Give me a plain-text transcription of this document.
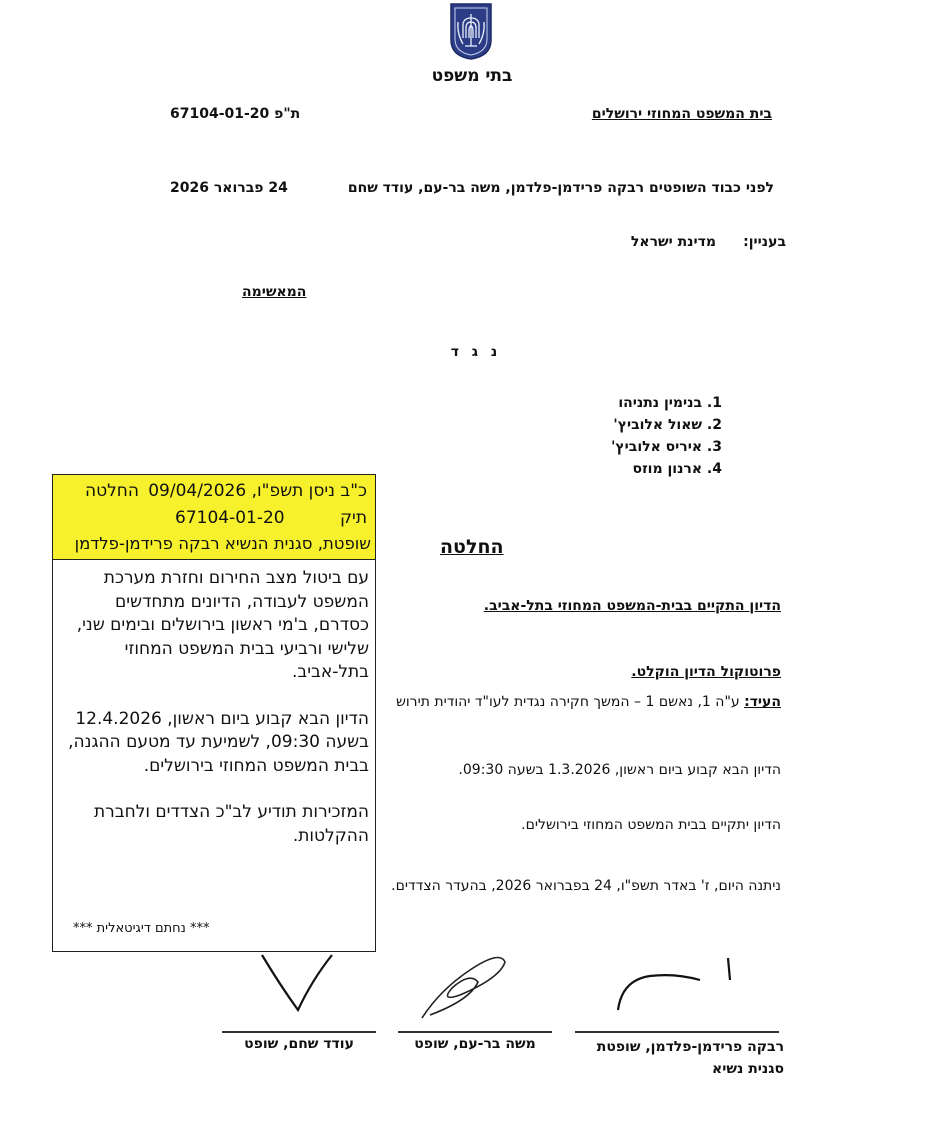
בתי משפט
בית המשפט המחוזי ירושלים
ת"פ 67104-01-20
לפני כבוד השופטים רבקה פרידמן-פלדמן, משה בר-עם, עודד שחם
24 פברואר 2026
בעניין:
מדינת ישראל
המאשימה
נ ג ד
1. בנימין נתניהו
2. שאול אלוביץ'
3. איריס אלוביץ'
4. ארנון מוזס
החלטה
הדיון התקיים בבית-המשפט המחוזי בתל-אביב.
פרוטוקול הדיון הוקלט.
העיד: ע"ה 1, נאשם 1 – המשך חקירה נגדית לעו"ד יהודית תירוש
הדיון הבא קבוע ביום ראשון, 1.3.2026 בשעה 09:30.
הדיון יתקיים בבית המשפט המחוזי בירושלים.
ניתנה היום, ז' באדר תשפ"ו, 24 בפברואר 2026, בהעדר הצדדים.
כ"ב ניסן תשפ"ו, 09/04/2026
החלטה
תיק
67104-01-20
שופטת, סגנית הנשיא רבקה פרידמן-פלדמן

עם ביטול מצב החירום וחזרת מערכת המשפט לעבודה, הדיונים מתחדשים כסדרם, ב'מי ראשון בירושלים ובימים שני, שלישי ורביעי בבית המשפט המחוזי בתל-אביב.

הדיון הבא קבוע ביום ראשון, 12.4.2026 בשעה 09:30, לשמיעת עד מטעם ההגנה, בבית המשפט המחוזי בירושלים.

המזכירות תודיע לב"כ הצדדים ולחברת ההקלטות.

*** נחתם דיגיטאלית ***
רבקה פרידמן-פלדמן, שופטת
סגנית נשיא
משה בר-עם, שופט
עודד שחם, שופט
